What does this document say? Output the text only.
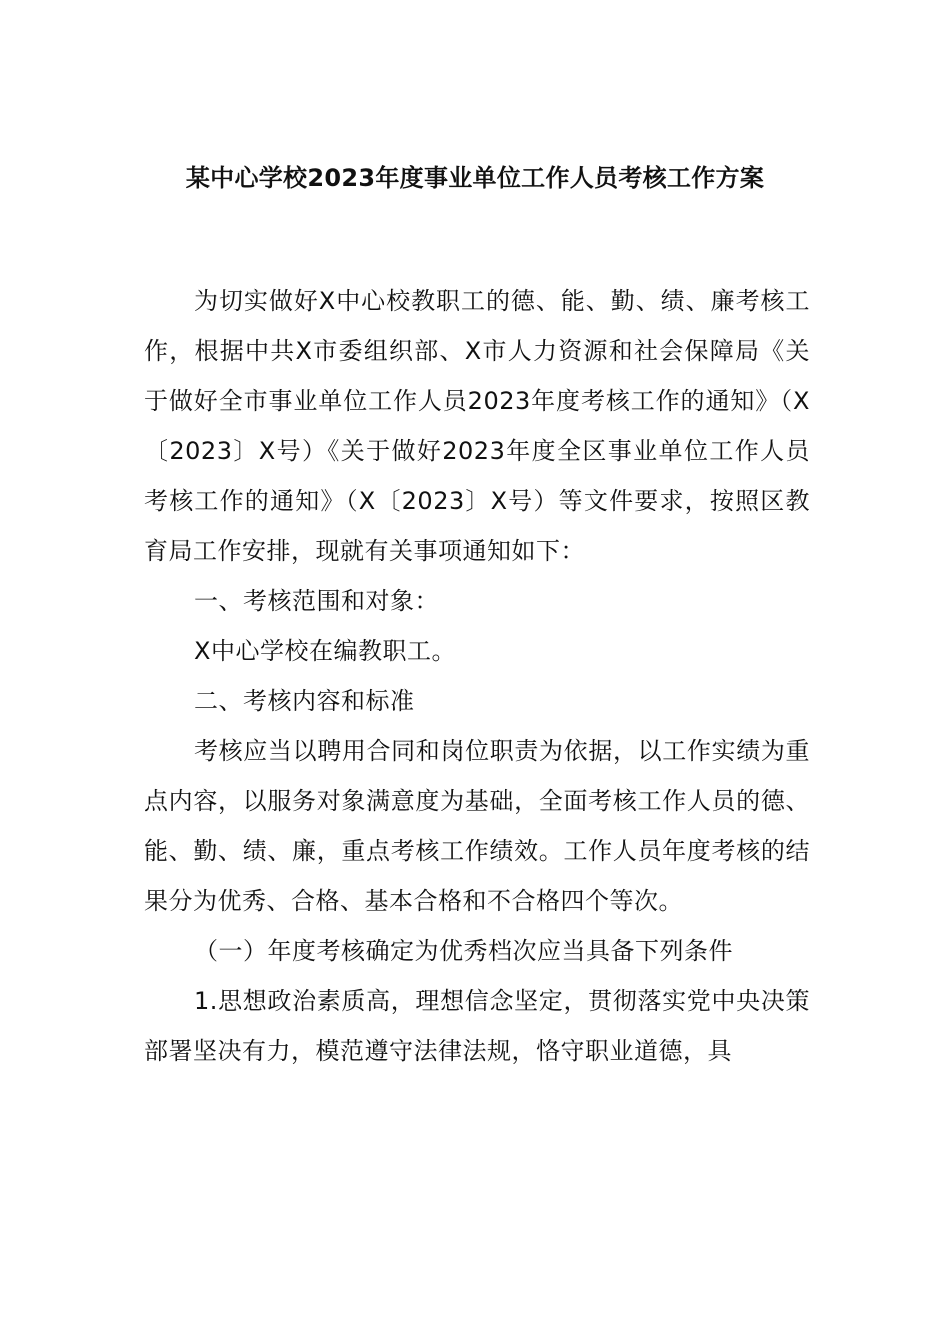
某中心学校2023年度事业单位工作人员考核工作方案

为切实做好X中心校教职工的德、能、勤、绩、廉考核工作，根据中共X市委组织部、X市人力资源和社会保障局《关于做好全市事业单位工作人员2023年度考核工作的通知》（X〔2023〕X号）《关于做好2023年度全区事业单位工作人员考核工作的通知》（X〔2023〕X号）等文件要求，按照区教育局工作安排，现就有关事项通知如下：

一、考核范围和对象：

X中心学校在编教职工。

二、考核内容和标准

考核应当以聘用合同和岗位职责为依据，以工作实绩为重点内容，以服务对象满意度为基础，全面考核工作人员的德、能、勤、绩、廉，重点考核工作绩效。工作人员年度考核的结果分为优秀、合格、基本合格和不合格四个等次。

（一）年度考核确定为优秀档次应当具备下列条件

1.思想政治素质高，理想信念坚定，贯彻落实党中央决策部署坚决有力，模范遵守法律法规，恪守职业道德，具
